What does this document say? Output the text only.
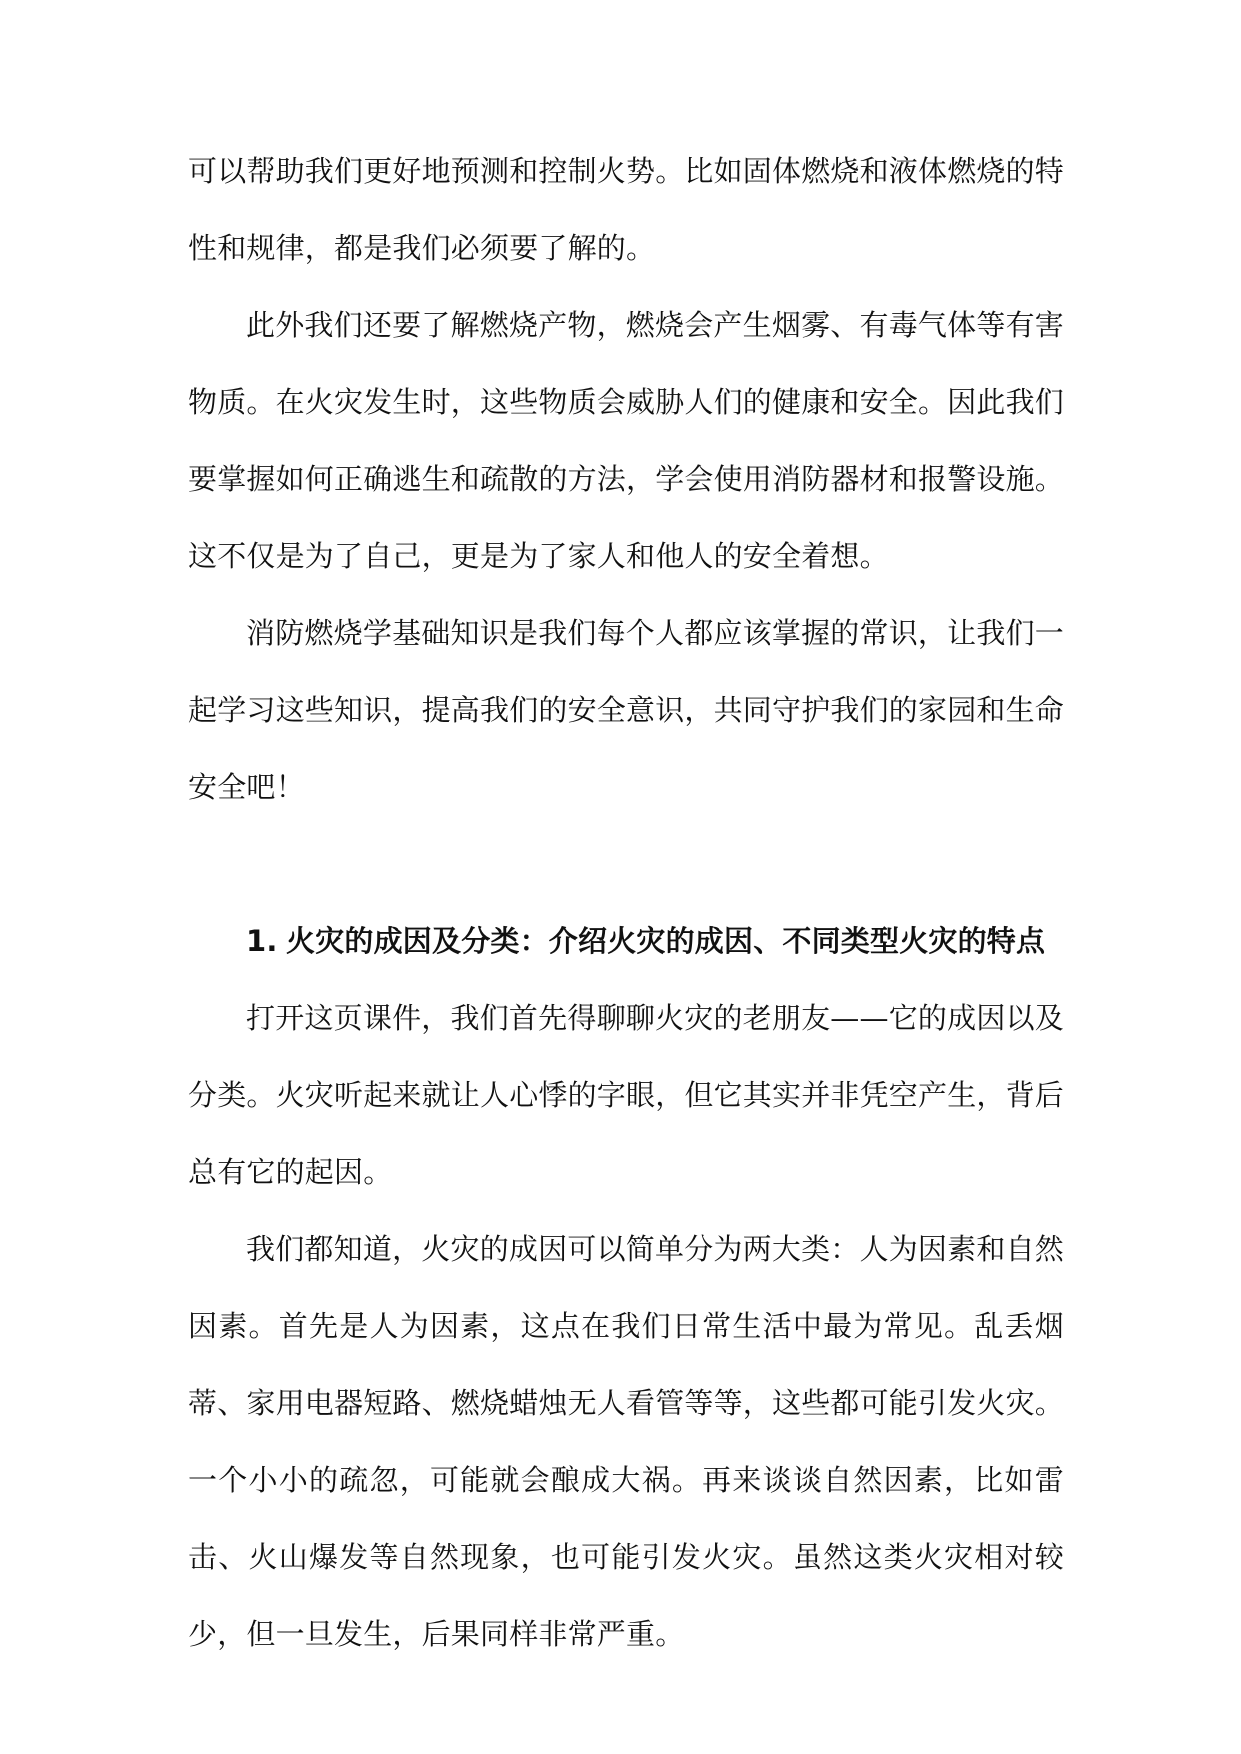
可以帮助我们更好地预测和控制火势。比如固体燃烧和液体燃烧的特性和规律，都是我们必须要了解的。

此外我们还要了解燃烧产物，燃烧会产生烟雾、有毒气体等有害物质。在火灾发生时，这些物质会威胁人们的健康和安全。因此我们要掌握如何正确逃生和疏散的方法，学会使用消防器材和报警设施。这不仅是为了自己，更是为了家人和他人的安全着想。

消防燃烧学基础知识是我们每个人都应该掌握的常识，让我们一起学习这些知识，提高我们的安全意识，共同守护我们的家园和生命安全吧！

1. 火灾的成因及分类：介绍火灾的成因、不同类型火灾的特点

打开这页课件，我们首先得聊聊火灾的老朋友——它的成因以及分类。火灾听起来就让人心悸的字眼，但它其实并非凭空产生，背后总有它的起因。

我们都知道，火灾的成因可以简单分为两大类：人为因素和自然因素。首先是人为因素，这点在我们日常生活中最为常见。乱丢烟蒂、家用电器短路、燃烧蜡烛无人看管等等，这些都可能引发火灾。一个小小的疏忽，可能就会酿成大祸。再来谈谈自然因素，比如雷击、火山爆发等自然现象，也可能引发火灾。虽然这类火灾相对较少，但一旦发生，后果同样非常严重。
